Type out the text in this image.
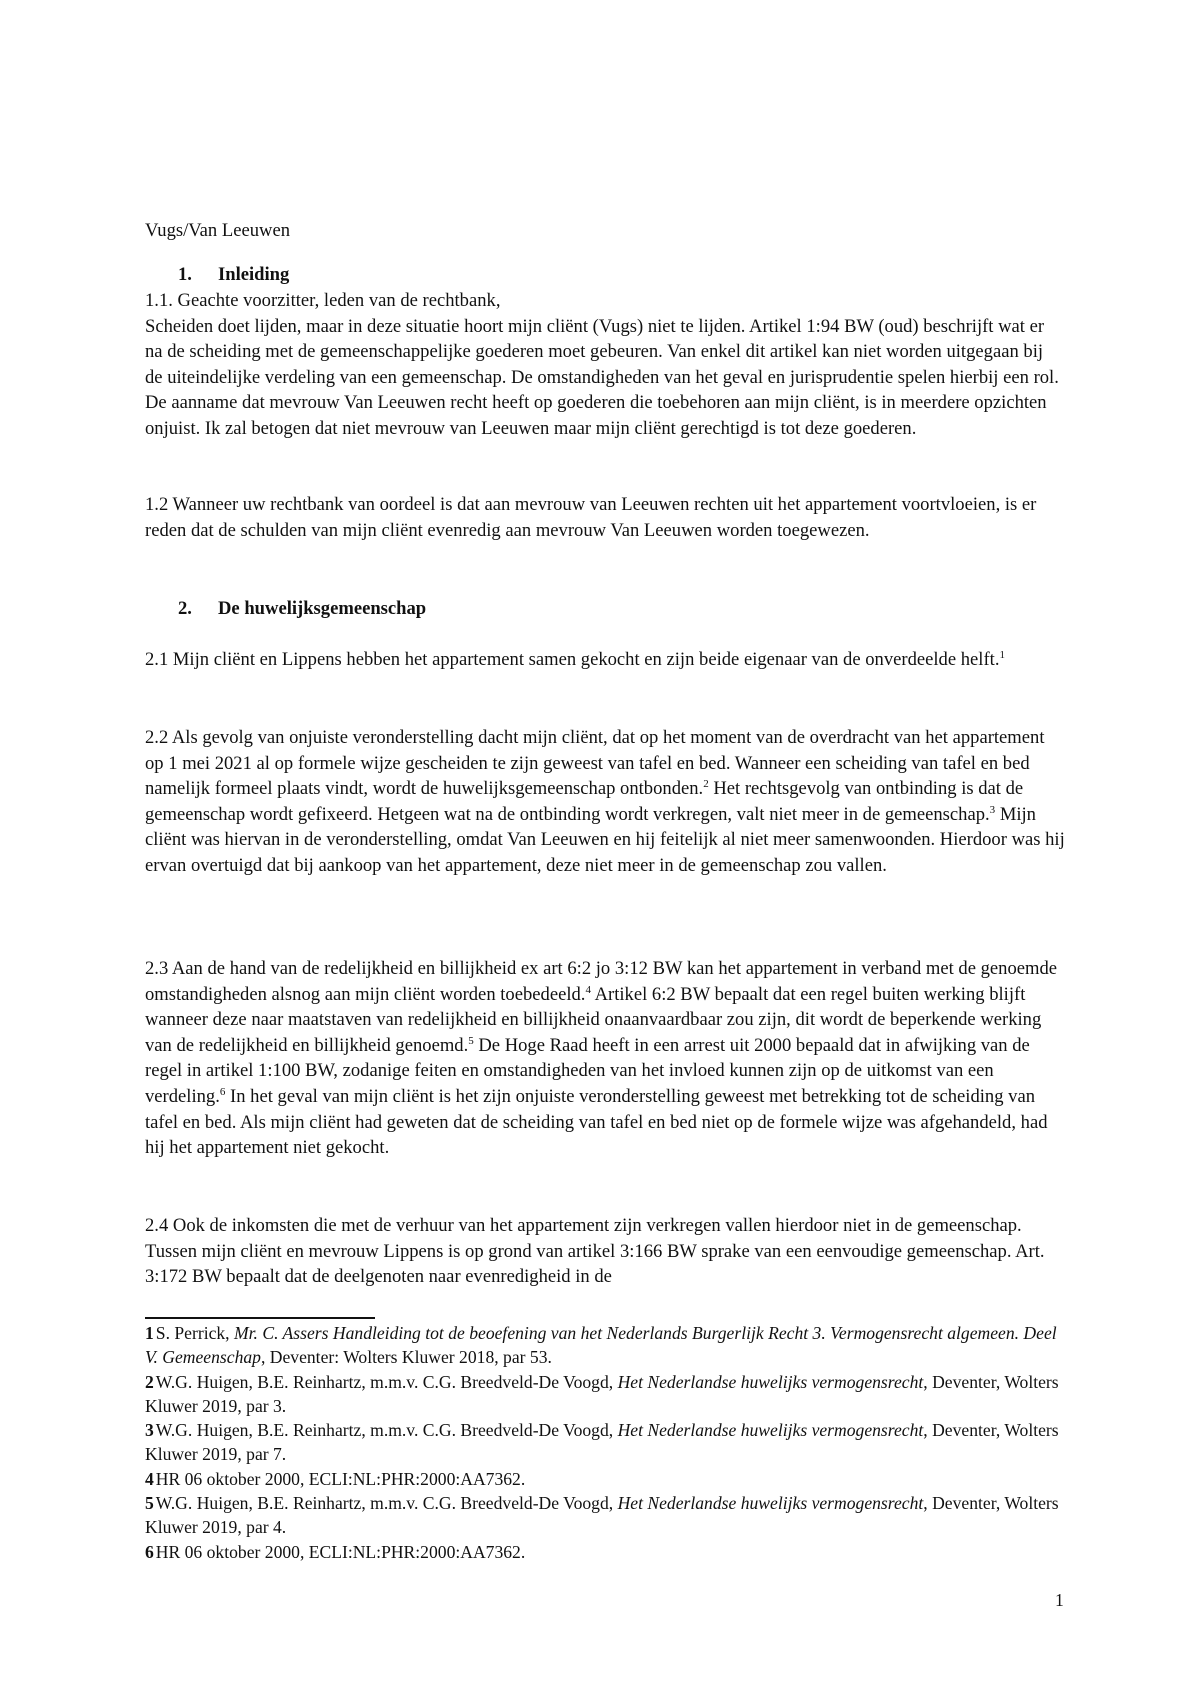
Vugs/Van Leeuwen
1. Inleiding

1.1. Geachte voorzitter, leden van de rechtbank,

Scheiden doet lijden, maar in deze situatie hoort mijn cliënt (Vugs) niet te lijden. Artikel 1:94 BW (oud) beschrijft wat er na de scheiding met de gemeenschappelijke goederen moet gebeuren. Van enkel dit artikel kan niet worden uitgegaan bij de uiteindelijke verdeling van een gemeenschap. De omstandigheden van het geval en jurisprudentie spelen hierbij een rol. De aanname dat mevrouw Van Leeuwen recht heeft op goederen die toebehoren aan mijn cliënt, is in meerdere opzichten onjuist. Ik zal betogen dat niet mevrouw van Leeuwen maar mijn cliënt gerechtigd is tot deze goederen.

1.2 Wanneer uw rechtbank van oordeel is dat aan mevrouw van Leeuwen rechten uit het appartement voortvloeien, is er reden dat de schulden van mijn cliënt evenredig aan mevrouw Van Leeuwen worden toegewezen.

2. De huwelijksgemeenschap

2.1 Mijn cliënt en Lippens hebben het appartement samen gekocht en zijn beide eigenaar van de onverdeelde helft.$^1$

2.2 Als gevolg van onjuiste veronderstelling dacht mijn cliënt, dat op het moment van de overdracht van het appartement op 1 mei 2021 al op formele wijze gescheiden te zijn geweest van tafel en bed. Wanneer een scheiding van tafel en bed namelijk formeel plaats vindt, wordt de huwelijksgemeenschap ontbonden.$^2$ Het rechtsgevolg van ontbinding is dat de gemeenschap wordt gefixeerd. Hetgeen wat na de ontbinding wordt verkregen, valt niet meer in de gemeenschap.$^3$ Mijn cliënt was hiervan in de veronderstelling, omdat Van Leeuwen en hij feitelijk al niet meer samenwoonden. Hierdoor was hij ervan overtuigd dat bij aankoop van het appartement, deze niet meer in de gemeenschap zou vallen.

2.3 Aan de hand van de redelijkheid en billijkheid ex art 6:2 jo 3:12 BW kan het appartement in verband met de genoemde omstandigheden alsnog aan mijn cliënt worden toebedeeld.$^4$ Artikel 6:2 BW bepaalt dat een regel buiten werking blijft wanneer deze naar maatstaven van redelijkheid en billijkheid onaanvaardbaar zou zijn, dit wordt de beperkende werking van de redelijkheid en billijkheid genoemd.$^5$ De Hoge Raad heeft in een arrest uit 2000 bepaald dat in afwijking van de regel in artikel 1:100 BW, zodanige feiten en omstandigheden van het invloed kunnen zijn op de uitkomst van een verdeling.$^6$ In het geval van mijn cliënt is het zijn onjuiste veronderstelling geweest met betrekking tot de scheiding van tafel en bed. Als mijn cliënt had geweten dat de scheiding van tafel en bed niet op de formele wijze was afgehandeld, had hij het appartement niet gekocht.

2.4 Ook de inkomsten die met de verhuur van het appartement zijn verkregen vallen hierdoor niet in de gemeenschap. Tussen mijn cliënt en mevrouw Lippens is op grond van artikel 3:166 BW sprake van een eenvoudige gemeenschap. Art. 3:172 BW bepaalt dat de deelgenoten naar evenredigheid in de

1 S. Perrick, Mr. C. Assers Handleiding tot de beoefening van het Nederlands Burgerlijk Recht 3. Vermogensrecht algemeen. Deel V. Gemeenschap, Deventer: Wolters Kluwer 2018, par 53.

2 W.G. Huigen, B.E. Reinhartz, m.m.v. C.G. Breedveld-De Voogd, Het Nederlandse huwelijks vermogensrecht, Deventer, Wolters Kluwer 2019, par 3.

3 W.G. Huigen, B.E. Reinhartz, m.m.v. C.G. Breedveld-De Voogd, Het Nederlandse huwelijks vermogensrecht, Deventer, Wolters Kluwer 2019, par 7.

4 HR 06 oktober 2000, ECLI:NL:PHR:2000:AA7362.

5 W.G. Huigen, B.E. Reinhartz, m.m.v. C.G. Breedveld-De Voogd, Het Nederlandse huwelijks vermogensrecht, Deventer, Wolters Kluwer 2019, par 4.

6 HR 06 oktober 2000, ECLI:NL:PHR:2000:AA7362.

1
